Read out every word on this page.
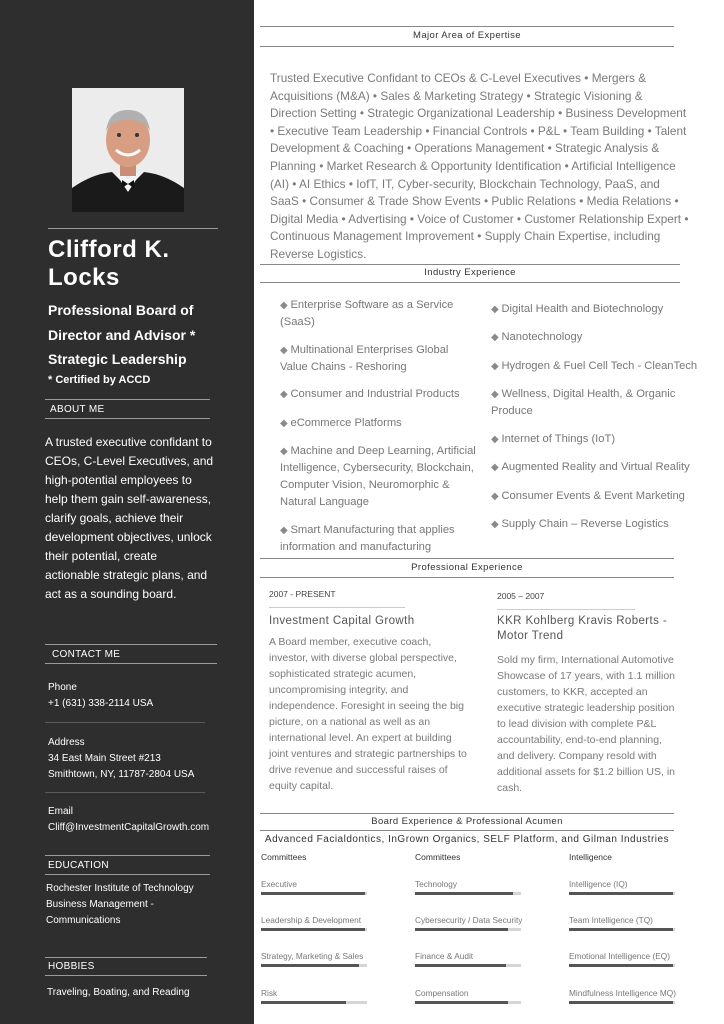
Clifford K.
Locks
Professional Board of Director and Advisor * Strategic Leadership
* Certified by ACCD
ABOUT ME
A trusted executive confidant to CEOs, C-Level Executives, and high-potential employees to help them gain self-awareness, clarify goals, achieve their development objectives, unlock their potential, create actionable strategic plans, and act as a sounding board.
CONTACT ME
Phone
+1 (631) 338-2114 USA
Address
34 East Main Street #213
Smithtown, NY, 11787-2804 USA
Email
Cliff@InvestmentCapitalGrowth.com
EDUCATION
Rochester Institute of Technology
Business Management -
Communications
HOBBIES
Traveling, Boating, and Reading
Major Area of Expertise
Trusted Executive Confidant to CEOs & C-Level Executives • Mergers & Acquisitions (M&A) • Sales & Marketing Strategy • Strategic Visioning & Direction Setting • Strategic Organizational Leadership • Business Development • Executive Team Leadership • Financial Controls • P&L • Team Building • Talent Development & Coaching • Operations Management • Strategic Analysis & Planning • Market Research & Opportunity Identification • Artificial Intelligence (AI) • AI Ethics • IofT, IT, Cyber-security, Blockchain Technology, PaaS, and SaaS • Consumer & Trade Show Events • Public Relations • Media Relations • Digital Media • Advertising • Voice of Customer • Customer Relationship Expert • Continuous Management Improvement • Supply Chain Expertise, including Reverse Logistics.
Industry Experience
◆ Enterprise Software as a Service (SaaS)
◆ Multinational Enterprises Global Value Chains - Reshoring
◆ Consumer and Industrial Products
◆ eCommerce Platforms
◆ Machine and Deep Learning, Artificial Intelligence, Cybersecurity, Blockchain, Computer Vision, Neuromorphic & Natural Language
◆ Smart Manufacturing that applies information and manufacturing
◆ Digital Health and Biotechnology
◆ Nanotechnology
◆ Hydrogen & Fuel Cell Tech - CleanTech
◆ Wellness, Digital Health, & Organic Produce
◆ Internet of Things (IoT)
◆ Augmented Reality and Virtual Reality
◆ Consumer Events & Event Marketing
◆ Supply Chain – Reverse Logistics
Professional Experience
2007 - PRESENT
Investment Capital Growth
A Board member, executive coach, investor, with diverse global perspective, sophisticated strategic acumen, uncompromising integrity, and independence. Foresight in seeing the big picture, on a national as well as an international level. An expert at building joint ventures and strategic partnerships to drive revenue and successful raises of equity capital.
2005 – 2007
KKR Kohlberg Kravis Roberts - Motor Trend
Sold my firm, International Automotive Showcase of 17 years, with 1.1 million customers, to KKR, accepted an executive strategic leadership position to lead division with complete P&L accountability, end-to-end planning, and delivery. Company resold with additional assets for $1.2 billion US, in cash.
Board Experience & Professional Acumen
Advanced Facialdontics, InGrown Organics, SELF Platform, and Gilman Industries
Committees
Executive
Leadership & Development
Strategy, Marketing & Sales
Risk
Committees
Technology
Cybersecurity / Data Security
Finance & Audit
Compensation
Intelligence
Intelligence (IQ)
Team Intelligence (TQ)
Emotional Intelligence (EQ)
Mindfulness Intelligence MQ)
